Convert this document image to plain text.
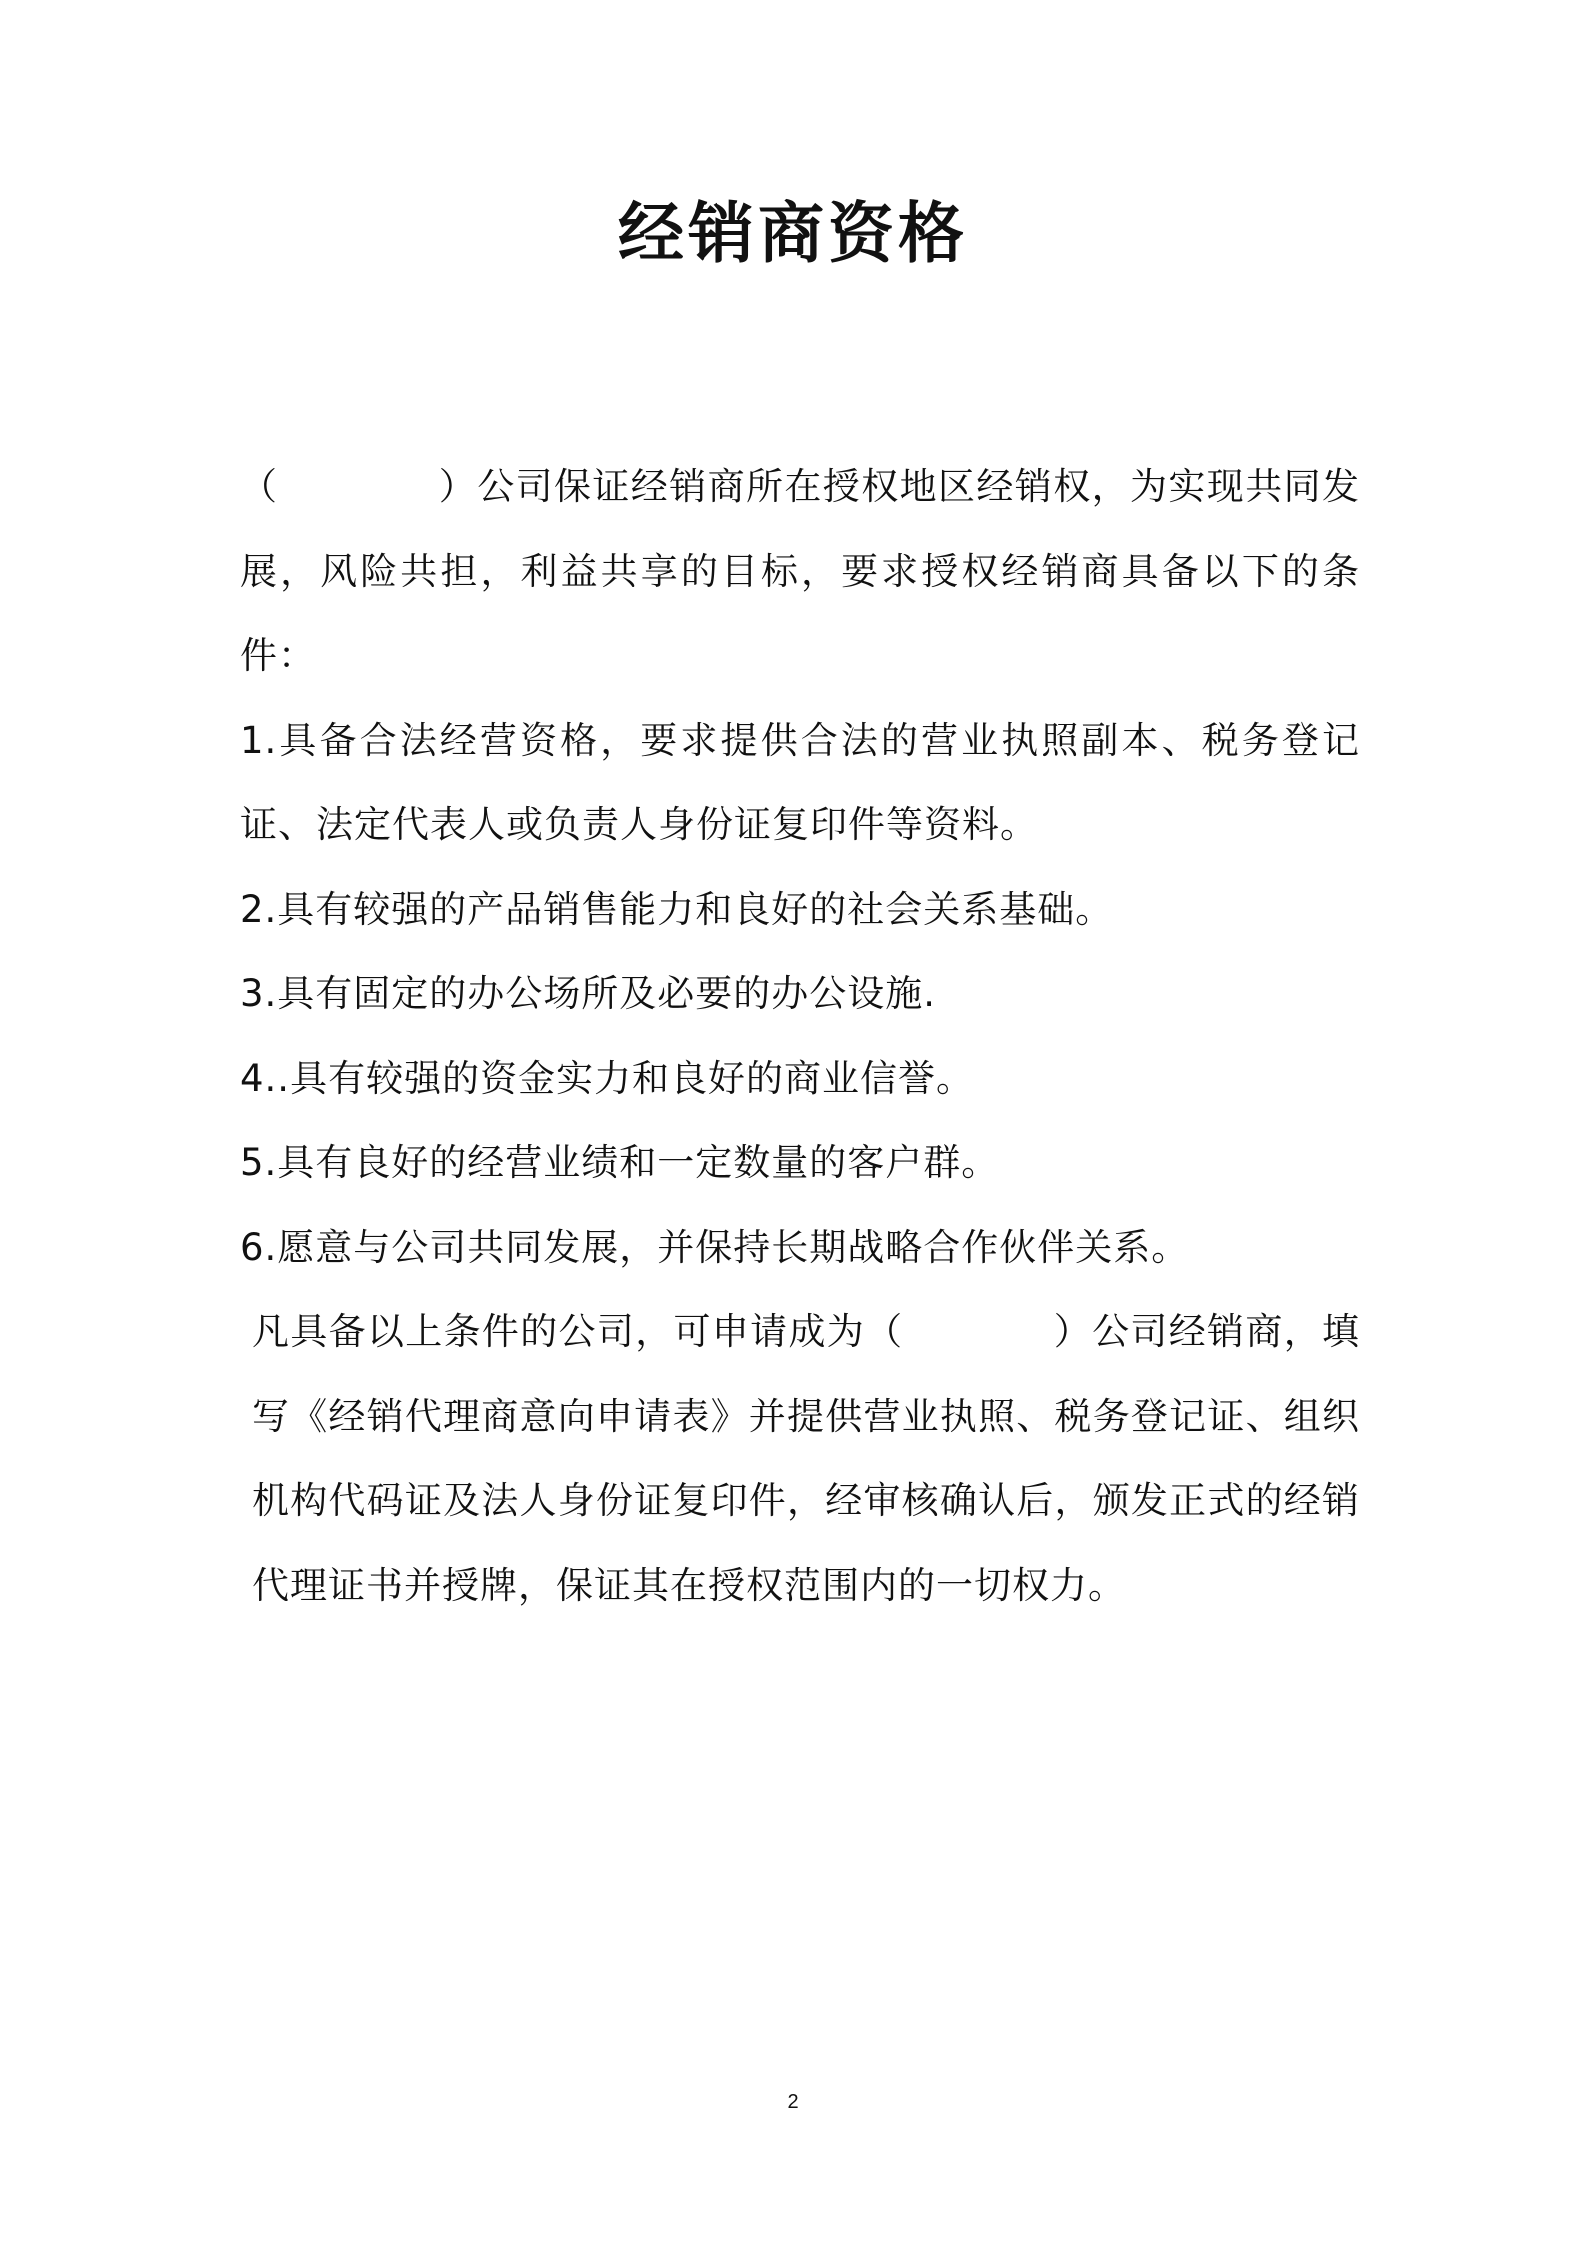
经销商资格

（	）公司保证经销商所在授权地区经销权，为实现共同发展，风险共担，利益共享的目标，要求授权经销商具备以下的条件：

1.具备合法经营资格，要求提供合法的营业执照副本、税务登记证、法定代表人或负责人身份证复印件等资料。

2.具有较强的产品销售能力和良好的社会关系基础。

3.具有固定的办公场所及必要的办公设施.

4..具有较强的资金实力和良好的商业信誉。

5.具有良好的经营业绩和一定数量的客户群。

6.愿意与公司共同发展，并保持长期战略合作伙伴关系。

凡具备以上条件的公司，可申请成为（	）公司经销商，填写《经销代理商意向申请表》并提供营业执照、税务登记证、组织机构代码证及法人身份证复印件，经审核确认后，颁发正式的经销代理证书并授牌，保证其在授权范围内的一切权力。

2
